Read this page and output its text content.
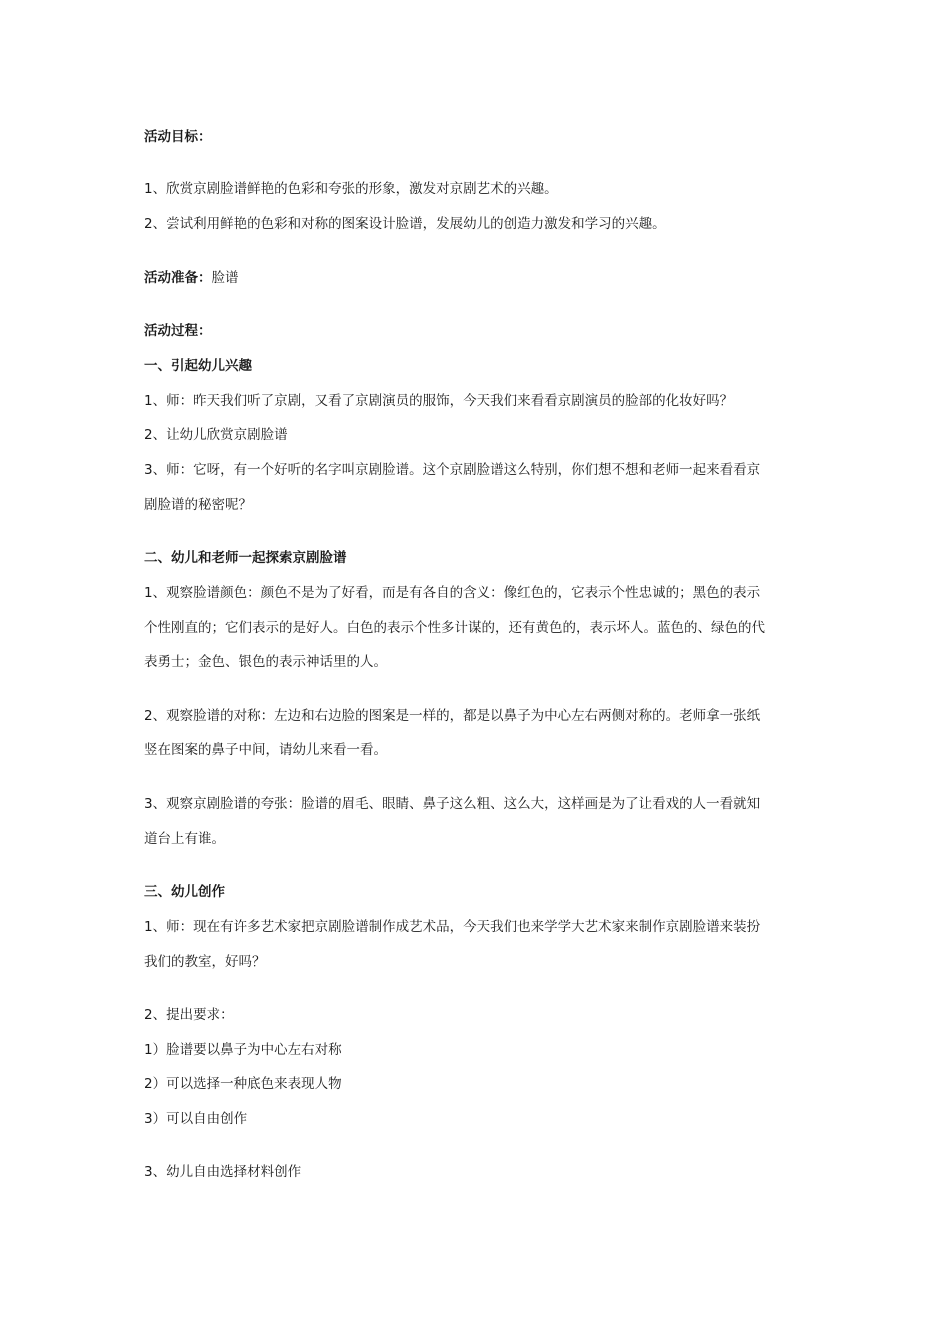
活动目标：
1、欣赏京剧脸谱鲜艳的色彩和夸张的形象，激发对京剧艺术的兴趣。
2、尝试利用鲜艳的色彩和对称的图案设计脸谱，发展幼儿的创造力激发和学习的兴趣。
活动准备：脸谱
活动过程：
一、引起幼儿兴趣
1、师：昨天我们听了京剧，又看了京剧演员的服饰，今天我们来看看京剧演员的脸部的化妆好吗？
2、让幼儿欣赏京剧脸谱
3、师：它呀，有一个好听的名字叫京剧脸谱。这个京剧脸谱这么特别，你们想不想和老师一起来看看京
剧脸谱的秘密呢？
二、幼儿和老师一起探索京剧脸谱
1、观察脸谱颜色：颜色不是为了好看，而是有各自的含义：像红色的，它表示个性忠诚的；黑色的表示
个性刚直的；它们表示的是好人。白色的表示个性多计谋的，还有黄色的，表示坏人。蓝色的、绿色的代
表勇士；金色、银色的表示神话里的人。
2、观察脸谱的对称：左边和右边脸的图案是一样的，都是以鼻子为中心左右两侧对称的。老师拿一张纸
竖在图案的鼻子中间，请幼儿来看一看。
3、观察京剧脸谱的夸张：脸谱的眉毛、眼睛、鼻子这么粗、这么大，这样画是为了让看戏的人一看就知
道台上有谁。
三、幼儿创作
1、师：现在有许多艺术家把京剧脸谱制作成艺术品，今天我们也来学学大艺术家来制作京剧脸谱来装扮
我们的教室，好吗？
2、提出要求：
1）脸谱要以鼻子为中心左右对称
2）可以选择一种底色来表现人物
3）可以自由创作
3、幼儿自由选择材料创作
